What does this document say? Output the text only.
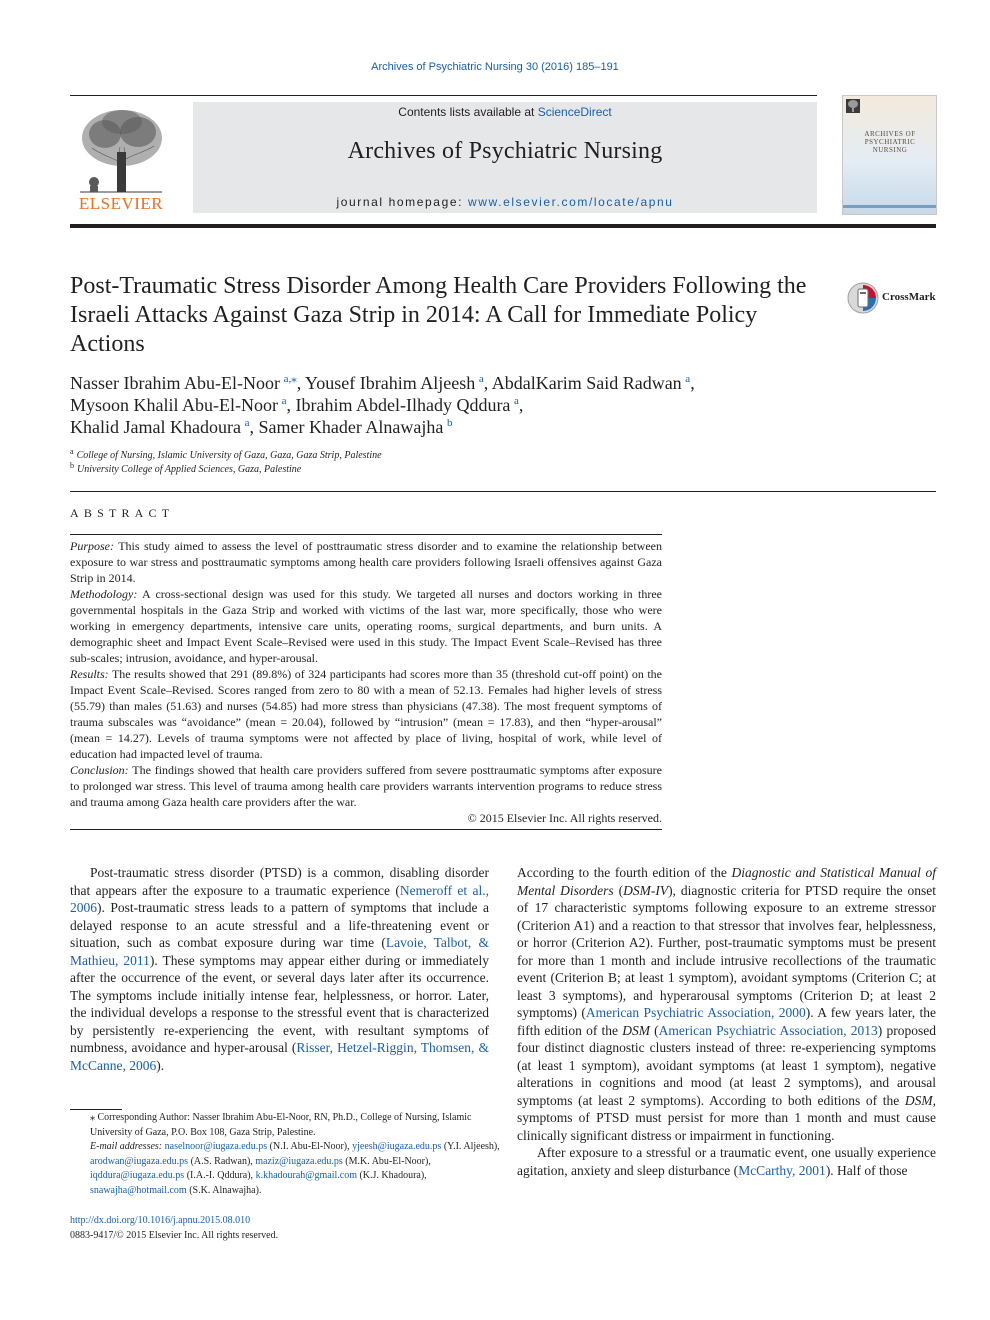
Archives of Psychiatric Nursing 30 (2016) 185–191
ELSEVIER
Contents lists available at ScienceDirect
Archives of Psychiatric Nursing
journal homepage: www.elsevier.com/locate/apnu
ARCHIVES OF PSYCHIATRIC NURSING
Post-Traumatic Stress Disorder Among Health Care Providers Following the Israeli Attacks Against Gaza Strip in 2014: A Call for Immediate Policy Actions
CrossMark
Nasser Ibrahim Abu-El-Noor  $^{a,⁎}$, Yousef Ibrahim Aljeesh  $^a$, AbdalKarim Said Radwan  $^a$,
Mysoon Khalil Abu-El-Noor  $^a$, Ibrahim Abdel-Ilhady Qddura  $^a$,
Khalid Jamal Khadoura  $^a$, Samer Khader Alnawajha  $^b$
$^a$ College of Nursing, Islamic University of Gaza, Gaza, Gaza Strip, Palestine
$^b$ University College of Applied Sciences, Gaza, Palestine
ABSTRACT

Purpose: This study aimed to assess the level of posttraumatic stress disorder and to examine the relationship between exposure to war stress and posttraumatic symptoms among health care providers following Israeli offensives against Gaza Strip in 2014.

Methodology: A cross-sectional design was used for this study. We targeted all nurses and doctors working in three governmental hospitals in the Gaza Strip and worked with victims of the last war, more specifically, those who were working in emergency departments, intensive care units, operating rooms, surgical departments, and burn units. A demographic sheet and Impact Event Scale–Revised were used in this study. The Impact Event Scale–Revised has three sub-scales; intrusion, avoidance, and hyper-arousal.

Results: The results showed that 291 (89.8%) of 324 participants had scores more than 35 (threshold cut-off point) on the Impact Event Scale–Revised. Scores ranged from zero to 80 with a mean of 52.13. Females had higher levels of stress (55.79) than males (51.63) and nurses (54.85) had more stress than physicians (47.38). The most frequent symptoms of trauma subscales was “avoidance” (mean = 20.04), followed by “intrusion” (mean = 17.83), and then “hyper-arousal” (mean = 14.27). Levels of trauma symptoms were not affected by place of living, hospital of work, while level of education had impacted level of trauma.

Conclusion: The findings showed that health care providers suffered from severe posttraumatic symptoms after exposure to prolonged war stress. This level of trauma among health care providers warrants intervention programs to reduce stress and trauma among Gaza health care providers after the war.

© 2015 Elsevier Inc. All rights reserved.

Post-traumatic stress disorder (PTSD) is a common, disabling disorder that appears after the exposure to a traumatic experience (Nemeroff et al., 2006). Post-traumatic stress leads to a pattern of symptoms that include a delayed response to an acute stressful and a life-threatening event or situation, such as combat exposure during war time (Lavoie, Talbot, & Mathieu, 2011). These symptoms may appear either during or immediately after the occurrence of the event, or several days later after its occurrence. The symptoms include initially intense fear, helplessness, or horror. Later, the individual develops a response to the stressful event that is characterized by persistently re-experiencing the event, with resultant symptoms of numbness, avoidance and hyper-arousal (Risser, Hetzel-Riggin, Thomsen, & McCanne, 2006).

⁎ Corresponding Author: Nasser Ibrahim Abu-El-Noor, RN, Ph.D., College of Nursing, Islamic University of Gaza, P.O. Box 108, Gaza Strip, Palestine.

E-mail addresses: naselnoor@iugaza.edu.ps (N.I. Abu-El-Noor), yjeesh@iugaza.edu.ps (Y.I. Aljeesh), arodwan@iugaza.edu.ps (A.S. Radwan), maziz@iugaza.edu.ps (M.K. Abu-El-Noor), iqddura@iugaza.edu.ps (I.A.-I. Qddura), k.khadourah@gmail.com (K.J. Khadoura), snawajha@hotmail.com (S.K. Alnawajha).

http://dx.doi.org/10.1016/j.apnu.2015.08.010

0883-9417/© 2015 Elsevier Inc. All rights reserved.

According to the fourth edition of the Diagnostic and Statistical Manual of Mental Disorders (DSM-IV), diagnostic criteria for PTSD require the onset of 17 characteristic symptoms following exposure to an extreme stressor (Criterion A1) and a reaction to that stressor that involves fear, helplessness, or horror (Criterion A2). Further, post-traumatic symptoms must be present for more than 1 month and include intrusive recollections of the traumatic event (Criterion B; at least 1 symptom), avoidant symptoms (Criterion C; at least 3 symptoms), and hyperarousal symptoms (Criterion D; at least 2 symptoms) (American Psychiatric Association, 2000). A few years later, the fifth edition of the DSM (American Psychiatric Association, 2013) proposed four distinct diagnostic clusters instead of three: re-experiencing symptoms (at least 1 symptom), avoidant symptoms (at least 1 symptom), negative alterations in cognitions and mood (at least 2 symptoms), and arousal symptoms (at least 2 symptoms). According to both editions of the DSM, symptoms of PTSD must persist for more than 1 month and must cause clinically significant distress or impairment in functioning.

After exposure to a stressful or a traumatic event, one usually experience agitation, anxiety and sleep disturbance (McCarthy, 2001). Half of those
